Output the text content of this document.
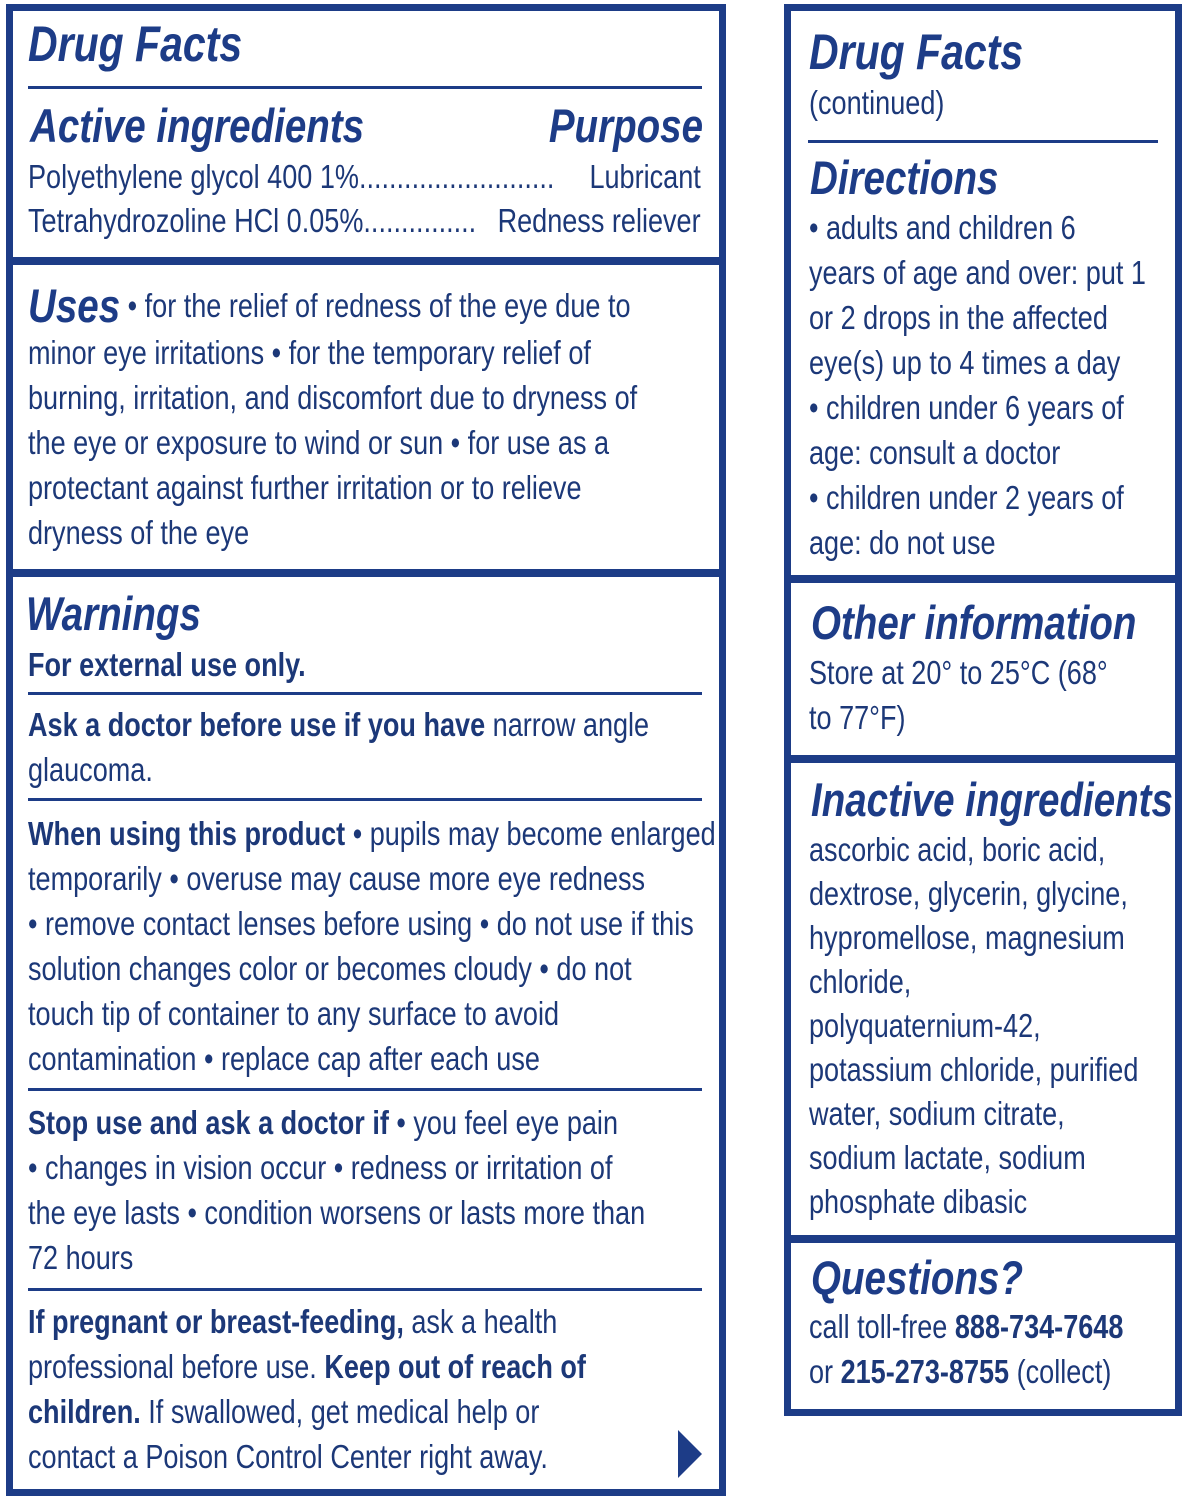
Drug Facts
Active ingredients	Purpose
Polyethylene glycol 400 1%.......................... Lubricant
Tetrahydrozoline HCl 0.05%............... Redness reliever
Uses • for the relief of redness of the eye due to
minor eye irritations • for the temporary relief of
burning, irritation, and discomfort due to dryness of
the eye or exposure to wind or sun • for use as a
protectant against further irritation or to relieve
dryness of the eye
Warnings
For external use only.
Ask a doctor before use if you have narrow angle
glaucoma.
When using this product • pupils may become enlarged
temporarily • overuse may cause more eye redness
• remove contact lenses before using • do not use if this
solution changes color or becomes cloudy • do not
touch tip of container to any surface to avoid
contamination • replace cap after each use
Stop use and ask a doctor if • you feel eye pain
• changes in vision occur • redness or irritation of
the eye lasts • condition worsens or lasts more than
72 hours
If pregnant or breast-feeding, ask a health
professional before use. Keep out of reach of
children. If swallowed, get medical help or
contact a Poison Control Center right away.
Drug Facts
(continued)
Directions
• adults and children 6
years of age and over: put 1
or 2 drops in the affected
eye(s) up to 4 times a day
• children under 6 years of
age: consult a doctor
• children under 2 years of
age: do not use
Other information
Store at 20° to 25°C (68°
to 77°F)
Inactive ingredients
ascorbic acid, boric acid,
dextrose, glycerin, glycine,
hypromellose, magnesium
chloride,
polyquaternium-42,
potassium chloride, purified
water, sodium citrate,
sodium lactate, sodium
phosphate dibasic
Questions?
call toll-free 888-734-7648
or 215-273-8755 (collect)
